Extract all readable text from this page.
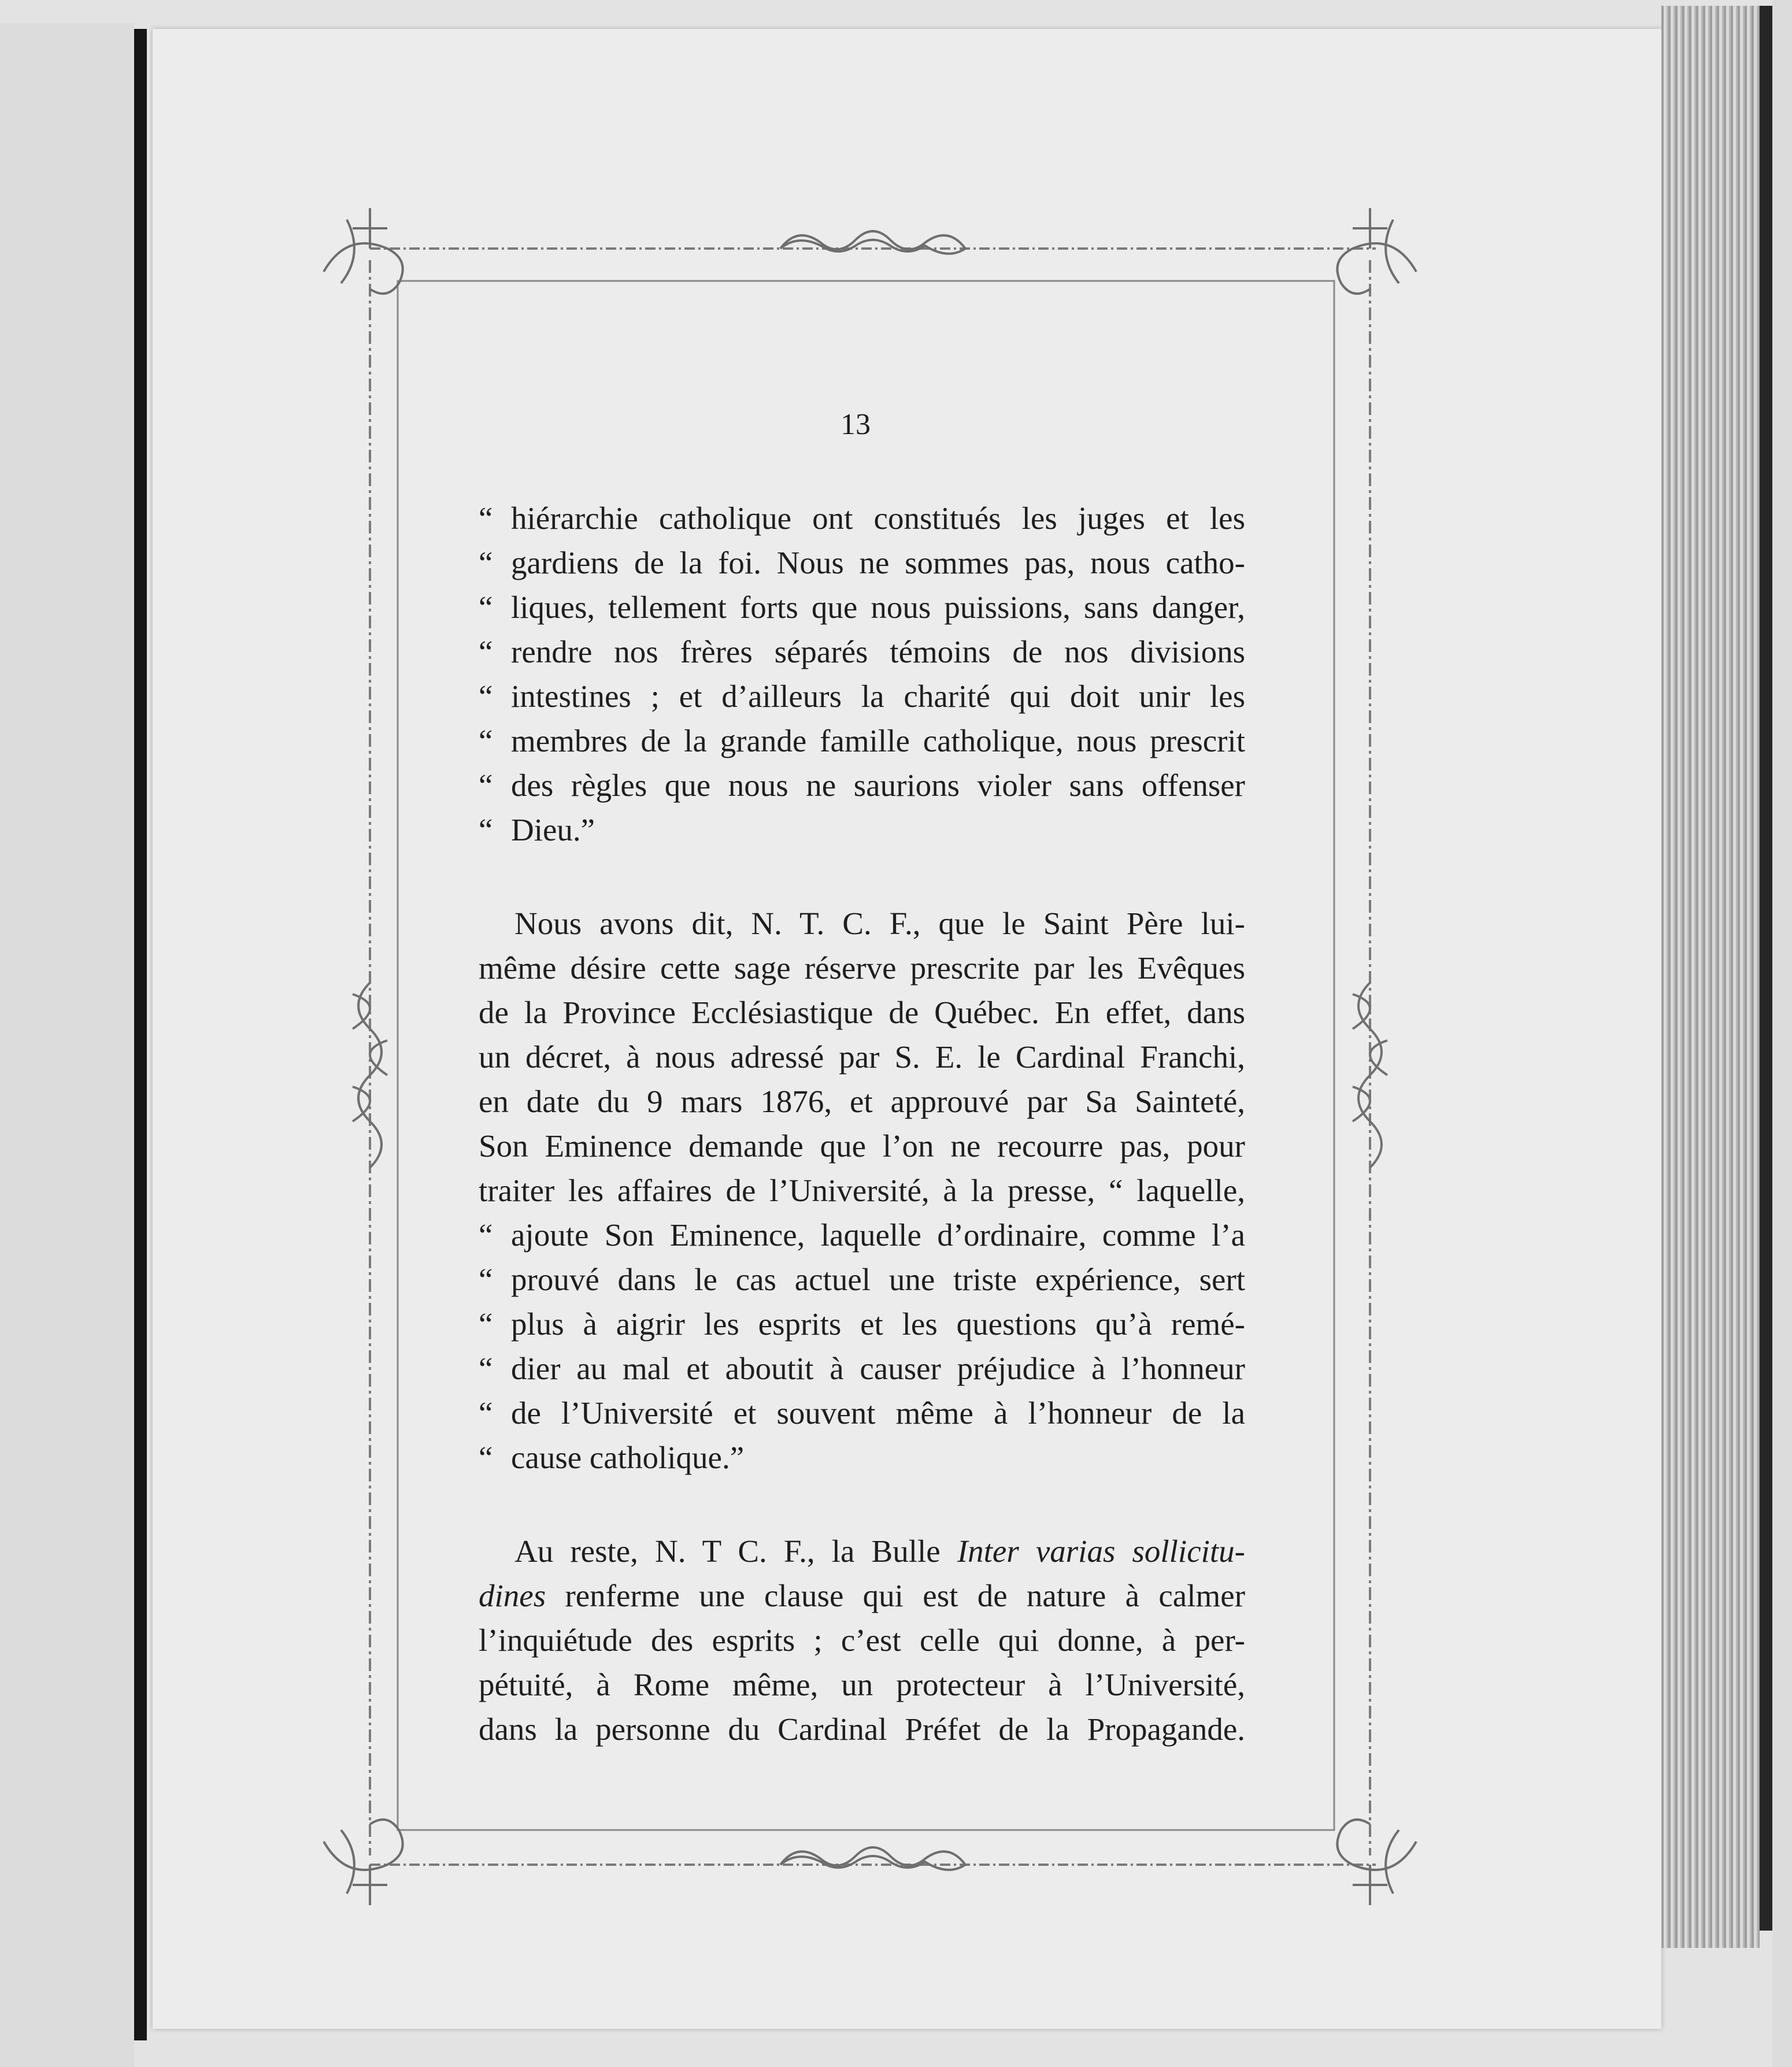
13
“ hiérarchie catholique ont constitués les juges et les
“ gardiens de la foi. Nous ne sommes pas, nous catho-
“ liques, tellement forts que nous puissions, sans danger,
“ rendre nos frères séparés témoins de nos divisions
“ intestines ; et d’ailleurs la charité qui doit unir les
“ membres de la grande famille catholique, nous prescrit
“ des règles que nous ne saurions violer sans offenser
“ Dieu.”
Nous avons dit, N. T. C. F., que le Saint Père lui-
même désire cette sage réserve prescrite par les Evêques
de la Province Ecclésiastique de Québec. En effet, dans
un décret, à nous adressé par S. E. le Cardinal Franchi,
en date du 9 mars 1876, et approuvé par Sa Sainteté,
Son Eminence demande que l’on ne recourre pas, pour
traiter les affaires de l’Université, à la presse, “ laquelle,
“ ajoute Son Eminence, laquelle d’ordinaire, comme l’a
“ prouvé dans le cas actuel une triste expérience, sert
“ plus à aigrir les esprits et les questions qu’à remé-
“ dier au mal et aboutit à causer préjudice à l’honneur
“ de l’Université et souvent même à l’honneur de la
“ cause catholique.”
Au reste, N. T C. F., la Bulle Inter varias sollicitu-
dines renferme une clause qui est de nature à calmer
l’inquiétude des esprits ; c’est celle qui donne, à per-
pétuité, à Rome même, un protecteur à l’Université,
dans la personne du Cardinal Préfet de la Propagande.
